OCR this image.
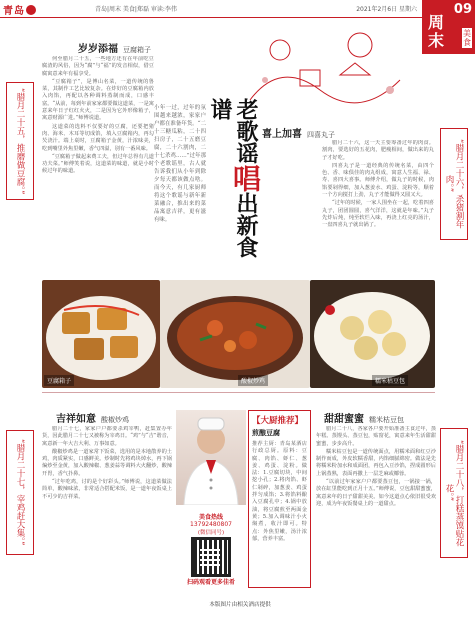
青岛	青岛|周末 美食|郑磊 审读:李伟	2021年2月6日 星期六	09
周末	美食
“腊月二十五，推磨做豆腐。”	“腊月二十六，杀猪割年肉。”
“腊月二十七，宰鸡赶大集。”	“腊月二十八，打糕蒸馍贴花花。”
岁岁添福 豆腐箱子

何至腊月二十五，一些地方还有在年前吃豆腐渣的风俗，因为“腐”与“福”的发音相似，借豆腐寓意来年有福享受。

“豆腐箱子”，是博山名菜，一道传统的鲁菜，其制作工艺比较复杂。在炸好的豆腐箱内放入肉馅，再配以各种调料蒸制而成，口感丰富。“从前，每到年前家家都要做这道菜，一是寓意来年日子红红火火，二是因为它外形像箱子，寓意财源广进。”师傅说道。

这道菜的选料不仅要好的豆腐，还要把猪肉、海米、木耳等切成馅，填入豆腐箱内，再勾芡浇汁。端上桌时，豆腐箱子金黄，汁浓味美，吃到嘴里外焦里嫩，香气四溢，别有一番风味。

“豆腐箱子做起来费工夫，但过年总得有几道功夫菜。”师傅笑着说，这道菜的味道，就是小时候过年的味道。

小年一过，过年的氛围越来越浓，家家户户都在准备年货。“二十三糖瓜粘，二十四扫房子，二十五磨豆腐，二十六割肉，二十七杀鸡……”过年那个老歌谣里，古人就告诉我们从小年到除夕每天都该做点啥。而今天，有几家厨师将这个歌谣与新年新菜融合，推出来的菜品寓意吉祥，更有滋有味。
老歌谣唱出新食谱
喜上加喜 四喜丸子

腊月二十六，这一天主要筹备过年的肉食。割肉，要选好的五花肉，肥瘦相间，做出来的丸子才好吃。

四喜丸子是一道经典的传统名菜，由四个色、香、味俱佳的肉丸组成，寓意人生福、禄、寿、喜四大喜事。师傅介绍，做丸子的时候，肉馅要剁得细，加入葱姜水、鸡蛋、淀粉等，顺着一个方向搅打上劲，丸子才能做得又圆又大。

“过年的时候，一家人围坐在一起，吃着四喜丸子，团团圆圆，喜气洋洋，这就是年味。”丸子先炸后炖，炖至软烂入味，再浇上红亮的汤汁，一盘四喜丸子就出锅了。

豆腐箱子	酸椒炒鸡	糯米枯豆包
吉祥如意 酸椒炒鸡

腊月二十七，家家户户都要杀鸡宰鸭，赶集置办年货，因此腊月二十七又被称为宰鸡日。“鸡”与“吉”谐音，寓意新一年大吉大利、万事如意。

酸椒炒鸡是一道家常下饭菜，选用的是本地散养的土鸡，肉质紧实，口感鲜美。炒制时先将鸡块焯水，再下锅煸炒至金黄，加入酸辣椒、葱姜蒜等调料大火翻炒，酸辣开胃，香气扑鼻。

“过年吃鸡，讨的是个好彩头。”师傅说，这道菜做法简单，酸辣味浓，非常适合搭配米饭，是一道年夜饭桌上不可少的吉祥菜。

美食热线
13792480807
(微信同号)
扫码观看更多佳肴
【大厨推荐】
煎酿豆腐
推荐主厨：青岛某酒店行政总厨。原料：豆腐、肉馅、虾仁、葱姜、鸡蛋、淀粉。做法：1.豆腐切块，中间挖小孔；2.将肉馅、虾仁剁碎，加葱姜、鸡蛋拌匀成馅；3.将馅料酿入豆腐孔中；4.锅中放油，将豆腐煎至两面金黄；5.加入调味汁小火焖煮，收汁即可。特点：外焦里嫩，汤汁浓郁，营养丰富。
甜甜蜜蜜 糯米枯豆包

腊月二十八，各家各户要开始准备主食过年，蒸年糕、蒸馒头、蒸豆包，贴窗花，寓意来年生活甜甜蜜蜜，步步高升。

糯米枯豆包是一道传统面点，用糯米面和红豆沙制作而成，外皮软糯香甜，内馅细腻绵密。做法是先将糯米粉加水和成面团，再包入豆沙馅，捏成圆形后上锅蒸熟，表面再撒上一层芝麻或椰蓉。

“以前过年家家户户都要蒸豆包，一锅接一锅，放在缸里能吃到正月十五。”师傅说，豆包甜甜蜜蜜，寓意来年的日子甜甜美美。如今这道点心依旧很受欢迎，成为年夜饭餐桌上的一道甜点。

本版图片由相关酒店提供
